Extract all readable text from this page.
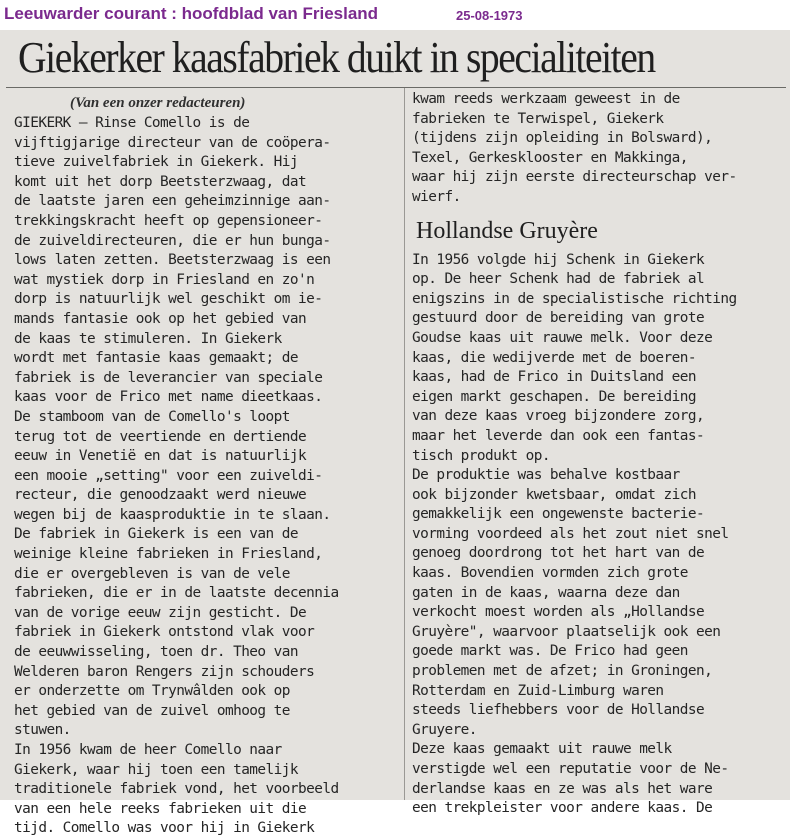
Leeuwarder courant : hoofdblad van Friesland	25-08-1973
Giekerker kaasfabriek duikt in specialiteiten
(Van een onzer redacteuren)
GIEKERK — Rinse Comello is de
vijftigjarige directeur van de coöpera-
tieve zuivelfabriek in Giekerk. Hij
komt uit het dorp Beetsterzwaag, dat
de laatste jaren een geheimzinnige aan-
trekkingskracht heeft op gepensioneer-
de zuiveldirecteuren, die er hun bunga-
lows laten zetten. Beetsterzwaag is een
wat mystiek dorp in Friesland en zo'n
dorp is natuurlijk wel geschikt om ie-
mands fantasie ook op het gebied van
de kaas te stimuleren. In Giekerk
wordt met fantasie kaas gemaakt; de
fabriek is de leverancier van speciale
kaas voor de Frico met name dieetkaas.
De stamboom van de Comello's loopt
terug tot de veertiende en dertiende
eeuw in Venetië en dat is natuurlijk
een mooie „setting" voor een zuiveldi-
recteur, die genoodzaakt werd nieuwe
wegen bij de kaasproduktie in te slaan.
De fabriek in Giekerk is een van de
weinige kleine fabrieken in Friesland,
die er overgebleven is van de vele
fabrieken, die er in de laatste decennia
van de vorige eeuw zijn gesticht. De
fabriek in Giekerk ontstond vlak voor
de eeuwwisseling, toen dr. Theo van
Welderen baron Rengers zijn schouders
er onderzette om Trynwâlden ook op
het gebied van de zuivel omhoog te
stuwen.
In 1956 kwam de heer Comello naar
Giekerk, waar hij toen een tamelijk
traditionele fabriek vond, het voorbeeld
van een hele reeks fabrieken uit die
tijd. Comello was voor hij in Giekerk
kwam reeds werkzaam geweest in de
fabrieken te Terwispel, Giekerk
(tijdens zijn opleiding in Bolsward),
Texel, Gerkesklooster en Makkinga,
waar hij zijn eerste directeurschap ver-
wierf.
Hollandse Gruyère
In 1956 volgde hij Schenk in Giekerk
op. De heer Schenk had de fabriek al
enigszins in de specialistische richting
gestuurd door de bereiding van grote
Goudse kaas uit rauwe melk. Voor deze
kaas, die wedijverde met de boeren-
kaas, had de Frico in Duitsland een
eigen markt geschapen. De bereiding
van deze kaas vroeg bijzondere zorg,
maar het leverde dan ook een fantas-
tisch produkt op.
De produktie was behalve kostbaar
ook bijzonder kwetsbaar, omdat zich
gemakkelijk een ongewenste bacterie-
vorming voordeed als het zout niet snel
genoeg doordrong tot het hart van de
kaas. Bovendien vormden zich grote
gaten in de kaas, waarna deze dan
verkocht moest worden als „Hollandse
Gruyère", waarvoor plaatselijk ook een
goede markt was. De Frico had geen
problemen met de afzet; in Groningen,
Rotterdam en Zuid-Limburg waren
steeds liefhebbers voor de Hollandse
Gruyere.
Deze kaas gemaakt uit rauwe melk
verstigde wel een reputatie voor de Ne-
derlandse kaas en ze was als het ware
een trekpleister voor andere kaas. De
